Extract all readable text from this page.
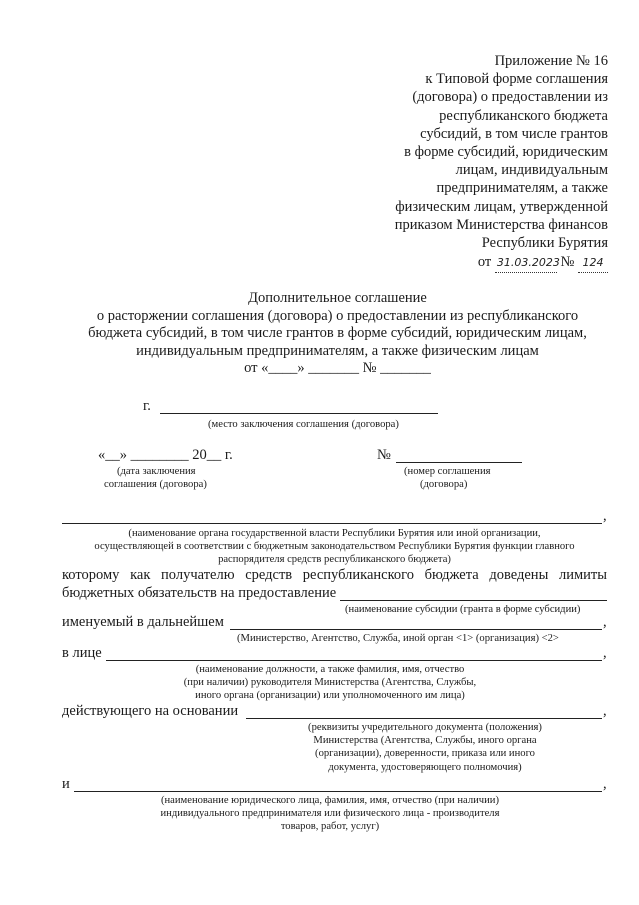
Приложение № 16
к Типовой форме соглашения
(договора) о предоставлении из
республиканского бюджета
субсидий, в том числе грантов
в форме субсидий, юридическим
лицам, индивидуальным
предпринимателям, а также
физическим лицам, утвержденной
приказом Министерства финансов
Республики Бурятия
от 31.03.2023 № 124
Дополнительное соглашение
о расторжении соглашения (договора) о предоставлении из республиканского
бюджета субсидий, в том числе грантов в форме субсидий, юридическим лицам,
индивидуальным предпринимателям, а также физическим лицам
от «____» _______ № _______
г.
(место заключения соглашения (договора)
«__» ________ 20__ г.
(дата заключения
соглашения (договора)
№
(номер соглашения
(договора)
,
(наименование органа государственной власти Республики Бурятия или иной организации,
осуществляющей в соответствии с бюджетным законодательством Республики Бурятия функции главного
распорядителя средств республиканского бюджета)
которому как получателю средств республиканского бюджета доведены лимиты
бюджетных обязательств на предоставление
(наименование субсидии (гранта в форме субсидии)
именуемый в дальнейшем	,
(Министерство, Агентство, Служба, иной орган <1> (организация) <2>
в лице	,
(наименование должности, а также фамилия, имя, отчество
(при наличии) руководителя Министерства (Агентства, Службы,
иного органа (организации) или уполномоченного им лица)
действующего на основании	,
(реквизиты учредительного документа (положения)
Министерства (Агентства, Службы, иного органа
(организации), доверенности, приказа или иного
документа, удостоверяющего полномочия)
и	,
(наименование юридического лица, фамилия, имя, отчество (при наличии)
индивидуального предпринимателя или физического лица - производителя
товаров, работ, услуг)
